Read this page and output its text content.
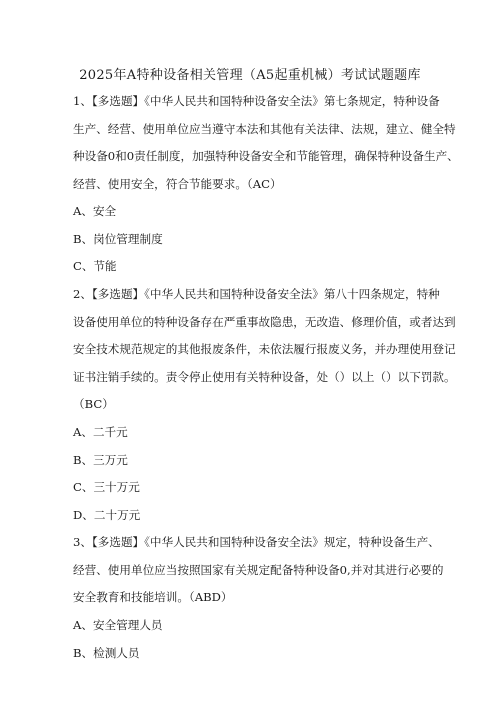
2025年A特种设备相关管理（A5起重机械）考试试题题库
1、【多选题】《中华人民共和国特种设备安全法》第七条规定，特种设备
生产、经营、使用单位应当遵守本法和其他有关法律、法规，建立、健全特
种设备0和0责任制度，加强特种设备安全和节能管理，确保特种设备生产、
经营、使用安全，符合节能要求。（AC）
A、安全
B、岗位管理制度
C、节能
2、【多选题】《中华人民共和国特种设备安全法》第八十四条规定，特种
设备使用单位的特种设备存在严重事故隐患，无改造、修理价值，或者达到
安全技术规范规定的其他报废条件，未依法履行报废义务，并办理使用登记
证书注销手续的。责令停止使用有关特种设备，处（）以上（）以下罚款。
（BC）
A、二千元
B、三万元
C、三十万元
D、二十万元
3、【多选题】《中华人民共和国特种设备安全法》规定，特种设备生产、
经营、使用单位应当按照国家有关规定配备特种设备0,并对其进行必要的
安全教育和技能培训。（ABD）
A、安全管理人员
B、检测人员
